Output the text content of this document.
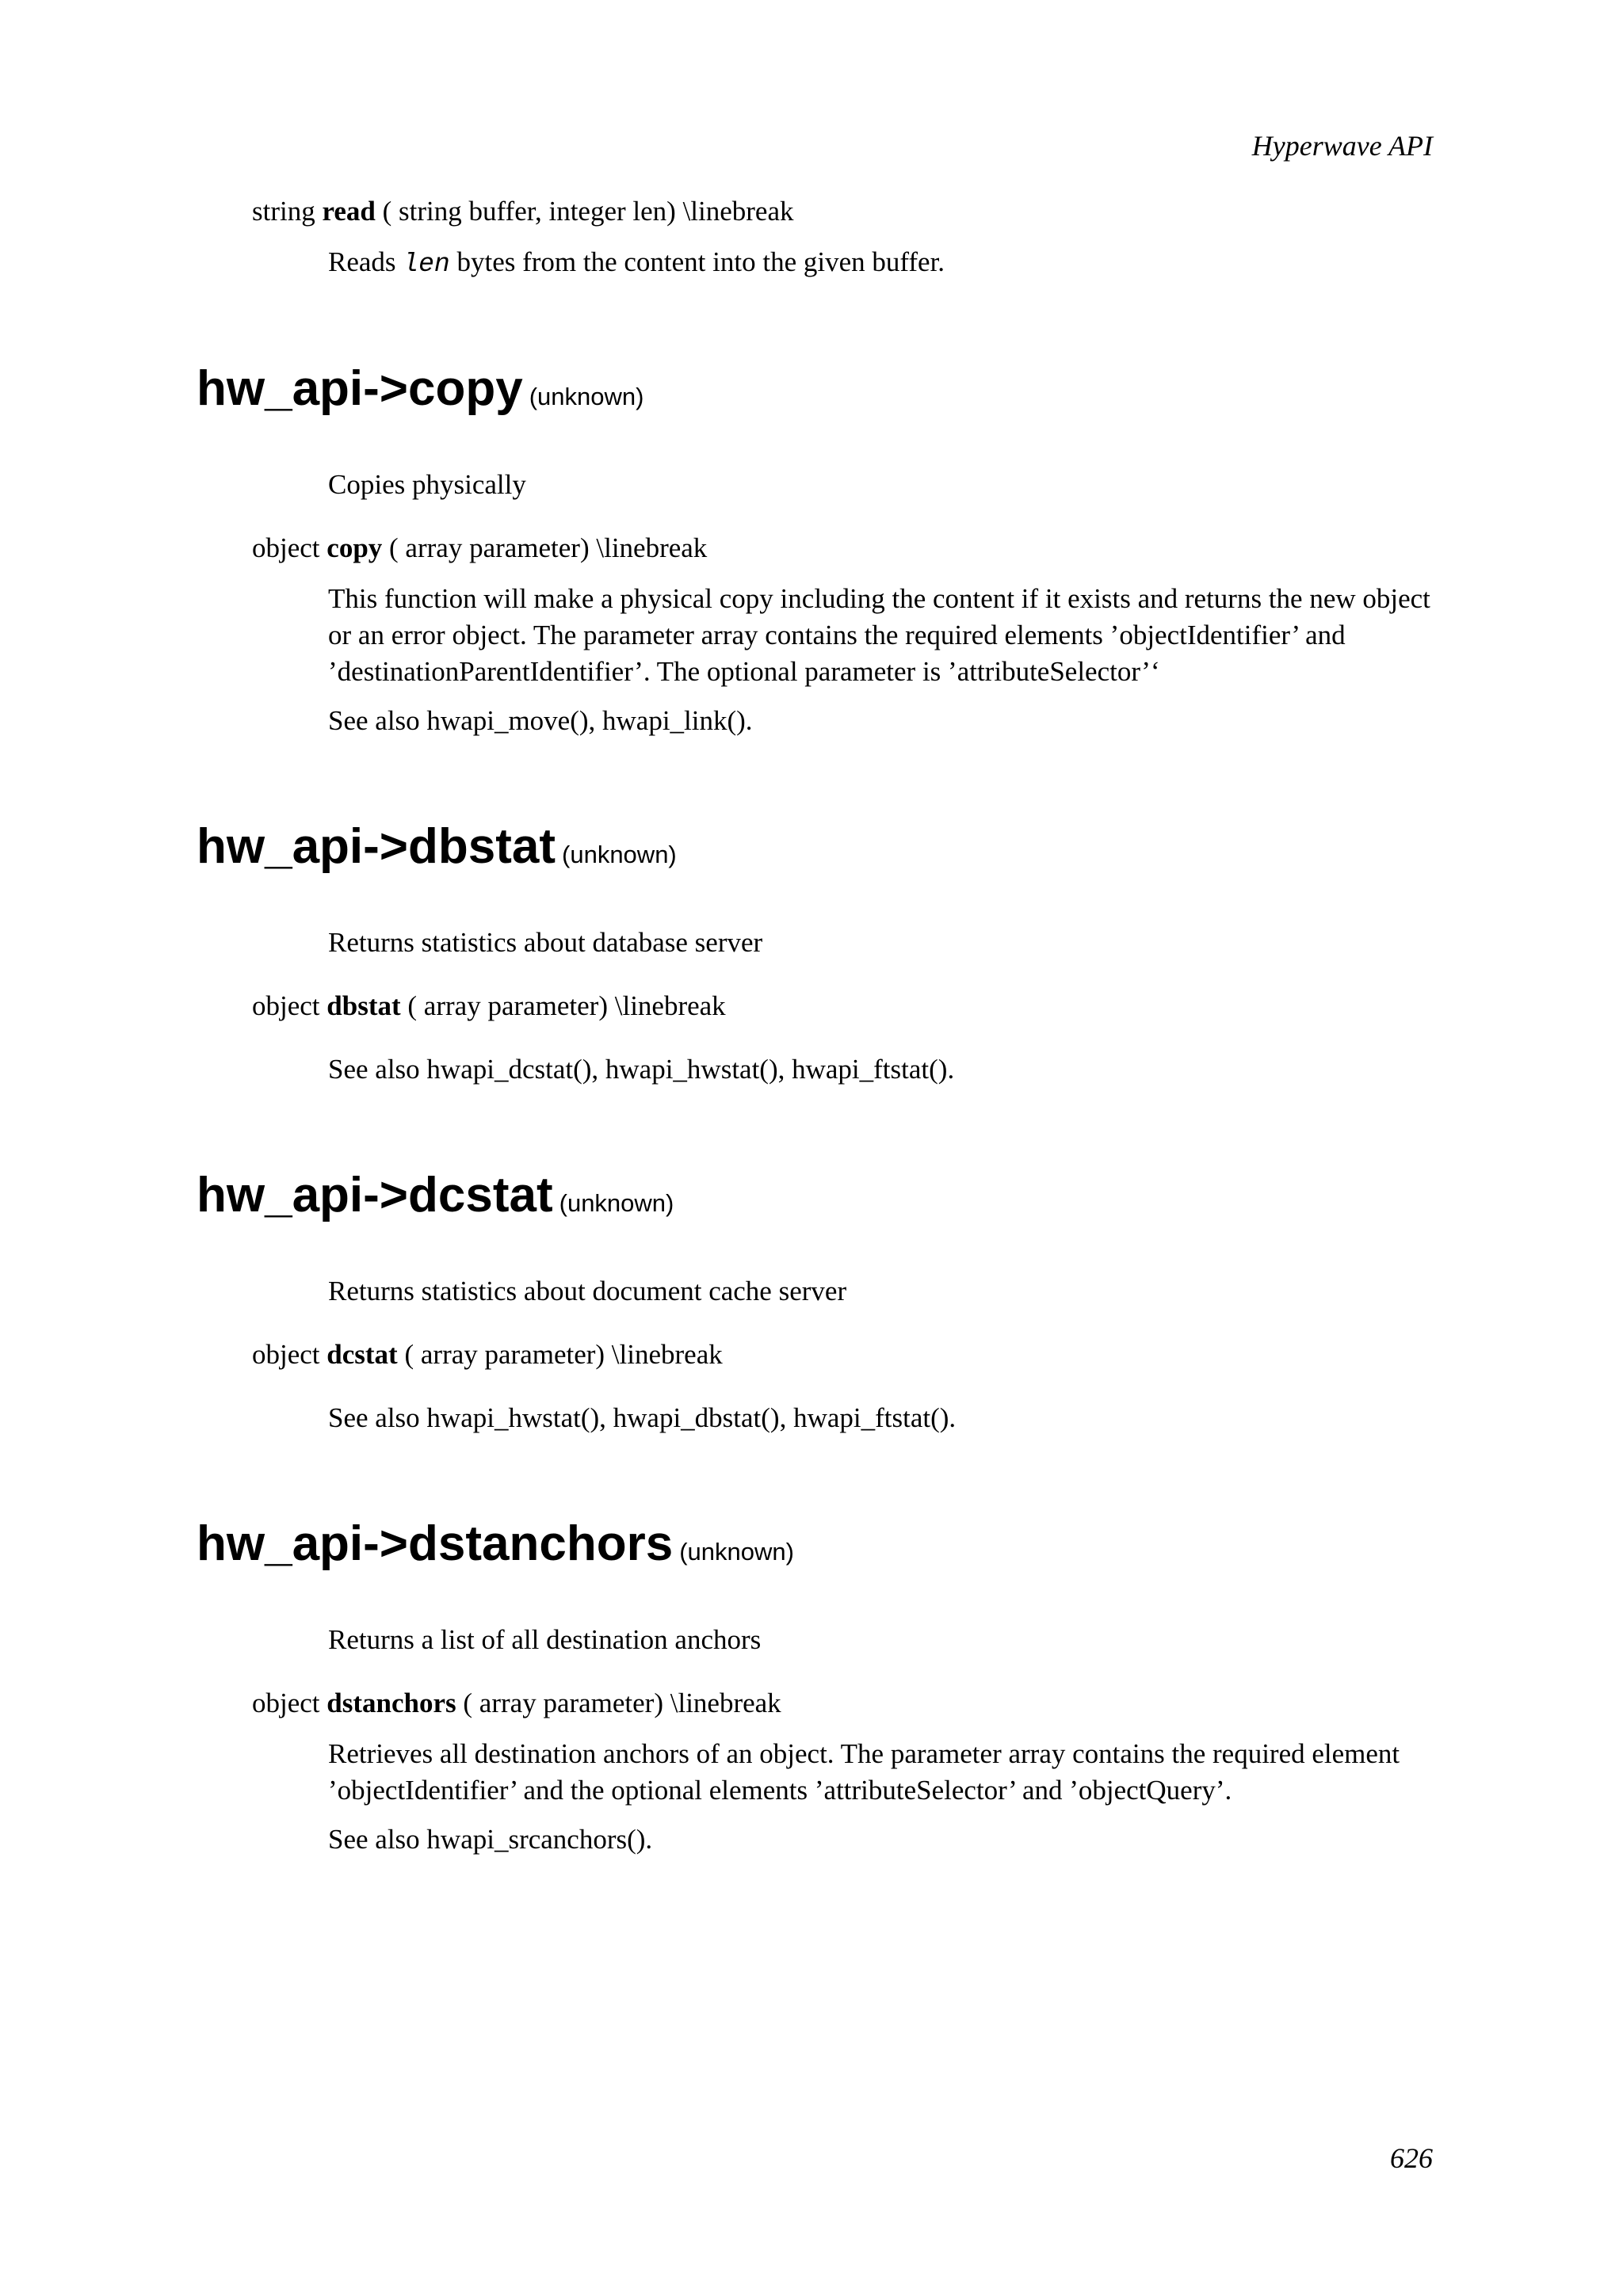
Hyperwave API
string read ( string buffer, integer len) \linebreak

Reads len bytes from the content into the given buffer.

hw_api->copy (unknown)
Copies physically
object copy ( array parameter) \linebreak

This function will make a physical copy including the content if it exists and returns the new object or an error object. The parameter array contains the required elements ’objectIdentifier’ and ’destinationParentIdentifier’. The optional parameter is ’attributeSelector’‘

See also hwapi_move(), hwapi_link().

hw_api->dbstat (unknown)
Returns statistics about database server
object dbstat ( array parameter) \linebreak

See also hwapi_dcstat(), hwapi_hwstat(), hwapi_ftstat().

hw_api->dcstat (unknown)
Returns statistics about document cache server
object dcstat ( array parameter) \linebreak

See also hwapi_hwstat(), hwapi_dbstat(), hwapi_ftstat().

hw_api->dstanchors (unknown)
Returns a list of all destination anchors
object dstanchors ( array parameter) \linebreak

Retrieves all destination anchors of an object. The parameter array contains the required element ’objectIdentifier’ and the optional elements ’attributeSelector’ and ’objectQuery’.

See also hwapi_srcanchors().

626
